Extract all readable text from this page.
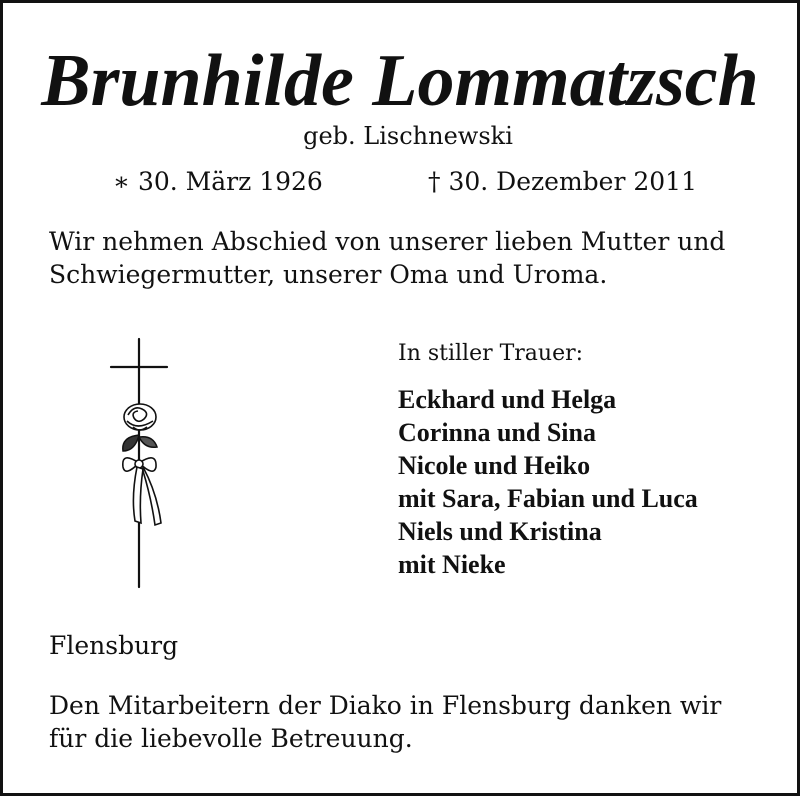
Brunhilde Lommatzsch
geb. Lischnewski
∗ 30. März 1926	† 30. Dezember 2011
Wir nehmen Abschied von unserer lieben Mutter und
Schwiegermutter, unserer Oma und Uroma.
In stiller Trauer:
Eckhard und Helga
Corinna und Sina
Nicole und Heiko
mit Sara, Fabian und Luca
Niels und Kristina
mit Nieke
Flensburg
Den Mitarbeitern der Diako in Flensburg danken wir
für die liebevolle Betreuung.
